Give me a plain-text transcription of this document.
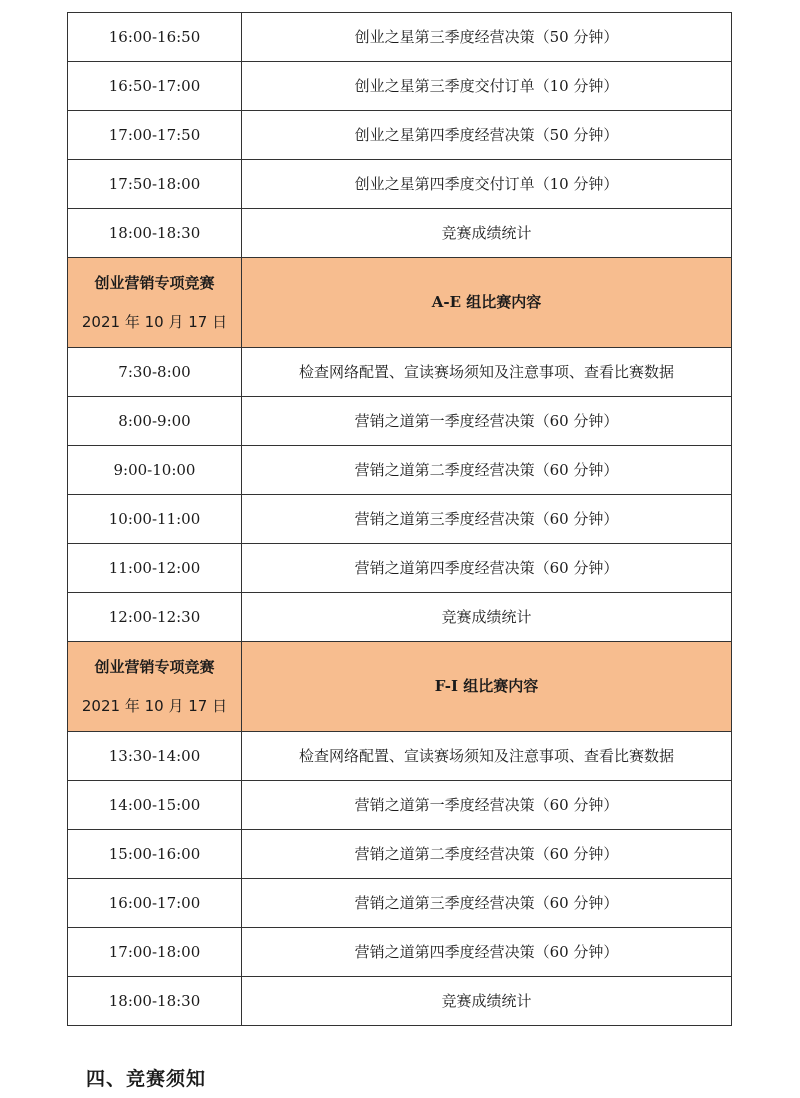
16:00-16:50	创业之星第三季度经营决策（50 分钟）
16:50-17:00	创业之星第三季度交付订单（10 分钟）
17:00-17:50	创业之星第四季度经营决策（50 分钟）
17:50-18:00	创业之星第四季度交付订单（10 分钟）
18:00-18:30	竞赛成绩统计

创业营销专项竞赛
2021 年 10 月 17 日	A-E 组比赛内容
7:30-8:00	检查网络配置、宣读赛场须知及注意事项、查看比赛数据
8:00-9:00	营销之道第一季度经营决策（60 分钟）
9:00-10:00	营销之道第二季度经营决策（60 分钟）
10:00-11:00	营销之道第三季度经营决策（60 分钟）
11:00-12:00	营销之道第四季度经营决策（60 分钟）
12:00-12:30	竞赛成绩统计

创业营销专项竞赛
2021 年 10 月 17 日	F-I 组比赛内容
13:30-14:00	检查网络配置、宣读赛场须知及注意事项、查看比赛数据
14:00-15:00	营销之道第一季度经营决策（60 分钟）
15:00-16:00	营销之道第二季度经营决策（60 分钟）
16:00-17:00	营销之道第三季度经营决策（60 分钟）
17:00-18:00	营销之道第四季度经营决策（60 分钟）
18:00-18:30	竞赛成绩统计
四、竞赛须知
